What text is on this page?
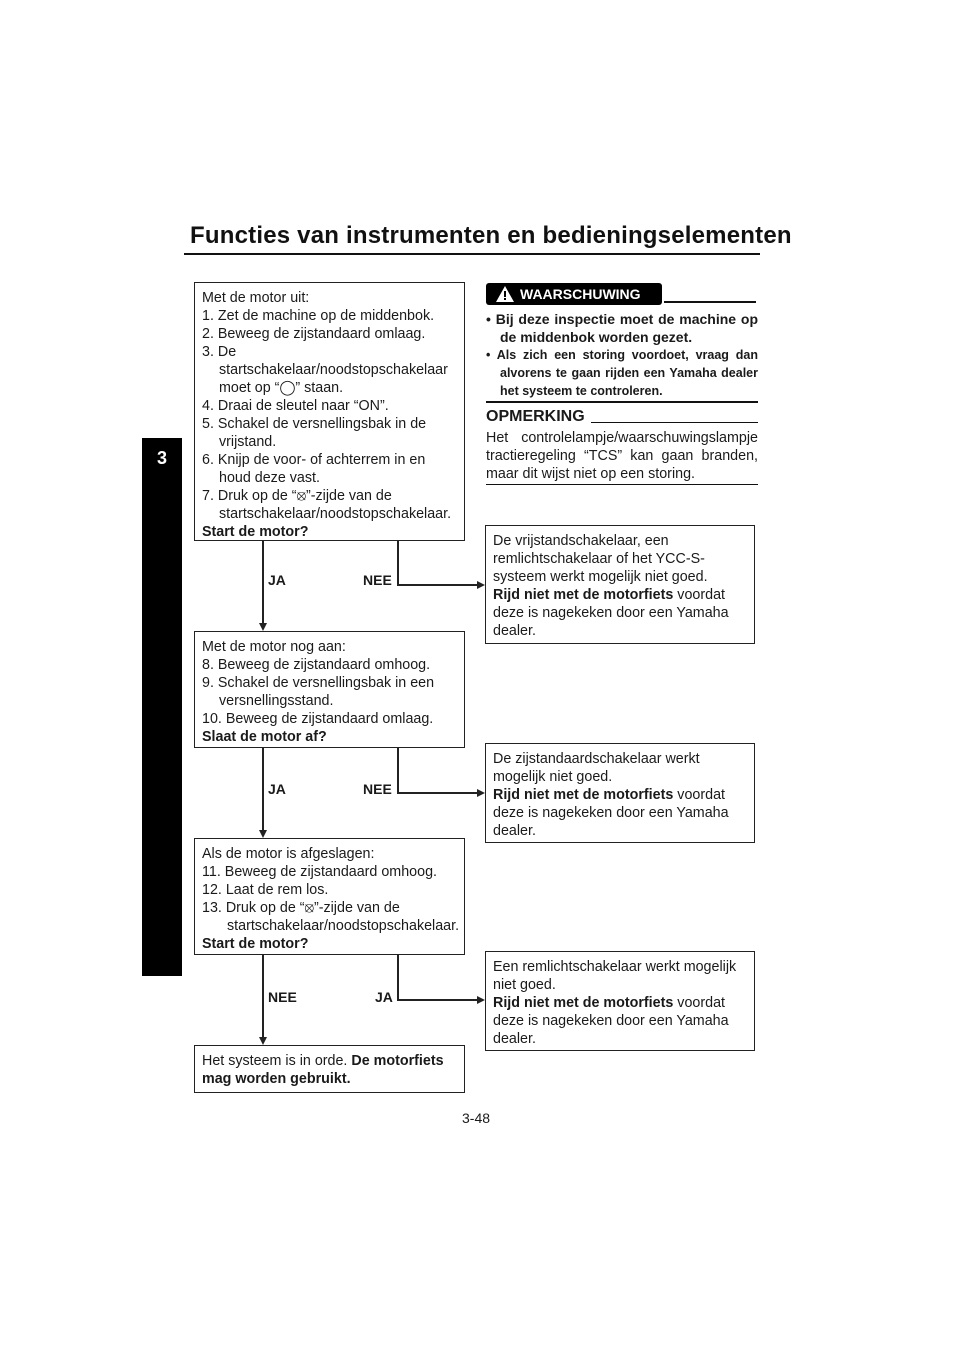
Functies van instrumenten en bedieningselementen
3

Met de motor uit:

1. Zet de machine op de middenbok.

2. Beweeg de zijstandaard omlaag.

3. De startschakelaar/noodstopschakelaar moet op “◯” staan.

4. Draai de sleutel naar “ON”.

5. Schakel de versnellingsbak in de vrijstand.

6. Knijp de voor- of achterrem in en houd deze vast.

7. Druk op de “⦻”-zijde van de startschakelaar/noodstopschakelaar.

Start de motor?

JA	NEE

De vrijstandschakelaar, een remlichtschakelaar of het YCC-S-systeem werkt mogelijk niet goed.
Rijd niet met de motorfiets voordat deze is nagekeken door een Yamaha dealer.

Met de motor nog aan:

8. Beweeg de zijstandaard omhoog.

9. Schakel de versnellingsbak in een versnellingsstand.

10. Beweeg de zijstandaard omlaag.

Slaat de motor af?

JA	NEE

De zijstandaardschakelaar werkt mogelijk niet goed.
Rijd niet met de motorfiets voordat deze is nagekeken door een Yamaha dealer.

Als de motor is afgeslagen:

11. Beweeg de zijstandaard omhoog.

12. Laat de rem los.

13. Druk op de “⦻”-zijde van de startschakelaar/noodstopschakelaar.

Start de motor?

NEE	JA

Een remlichtschakelaar werkt mogelijk niet goed.
Rijd niet met de motorfiets voordat deze is nagekeken door een Yamaha dealer.

Het systeem is in orde. De motorfiets mag worden gebruikt.

WAARSCHUWING
• Bij deze inspectie moet de machine op de middenbok worden gezet.
• Als zich een storing voordoet, vraag dan alvorens te gaan rijden een Yamaha dealer het systeem te controleren.
OPMERKING
Het controlelampje/waarschuwingslampje tractieregeling “TCS” kan gaan branden, maar dit wijst niet op een storing.
3-48
